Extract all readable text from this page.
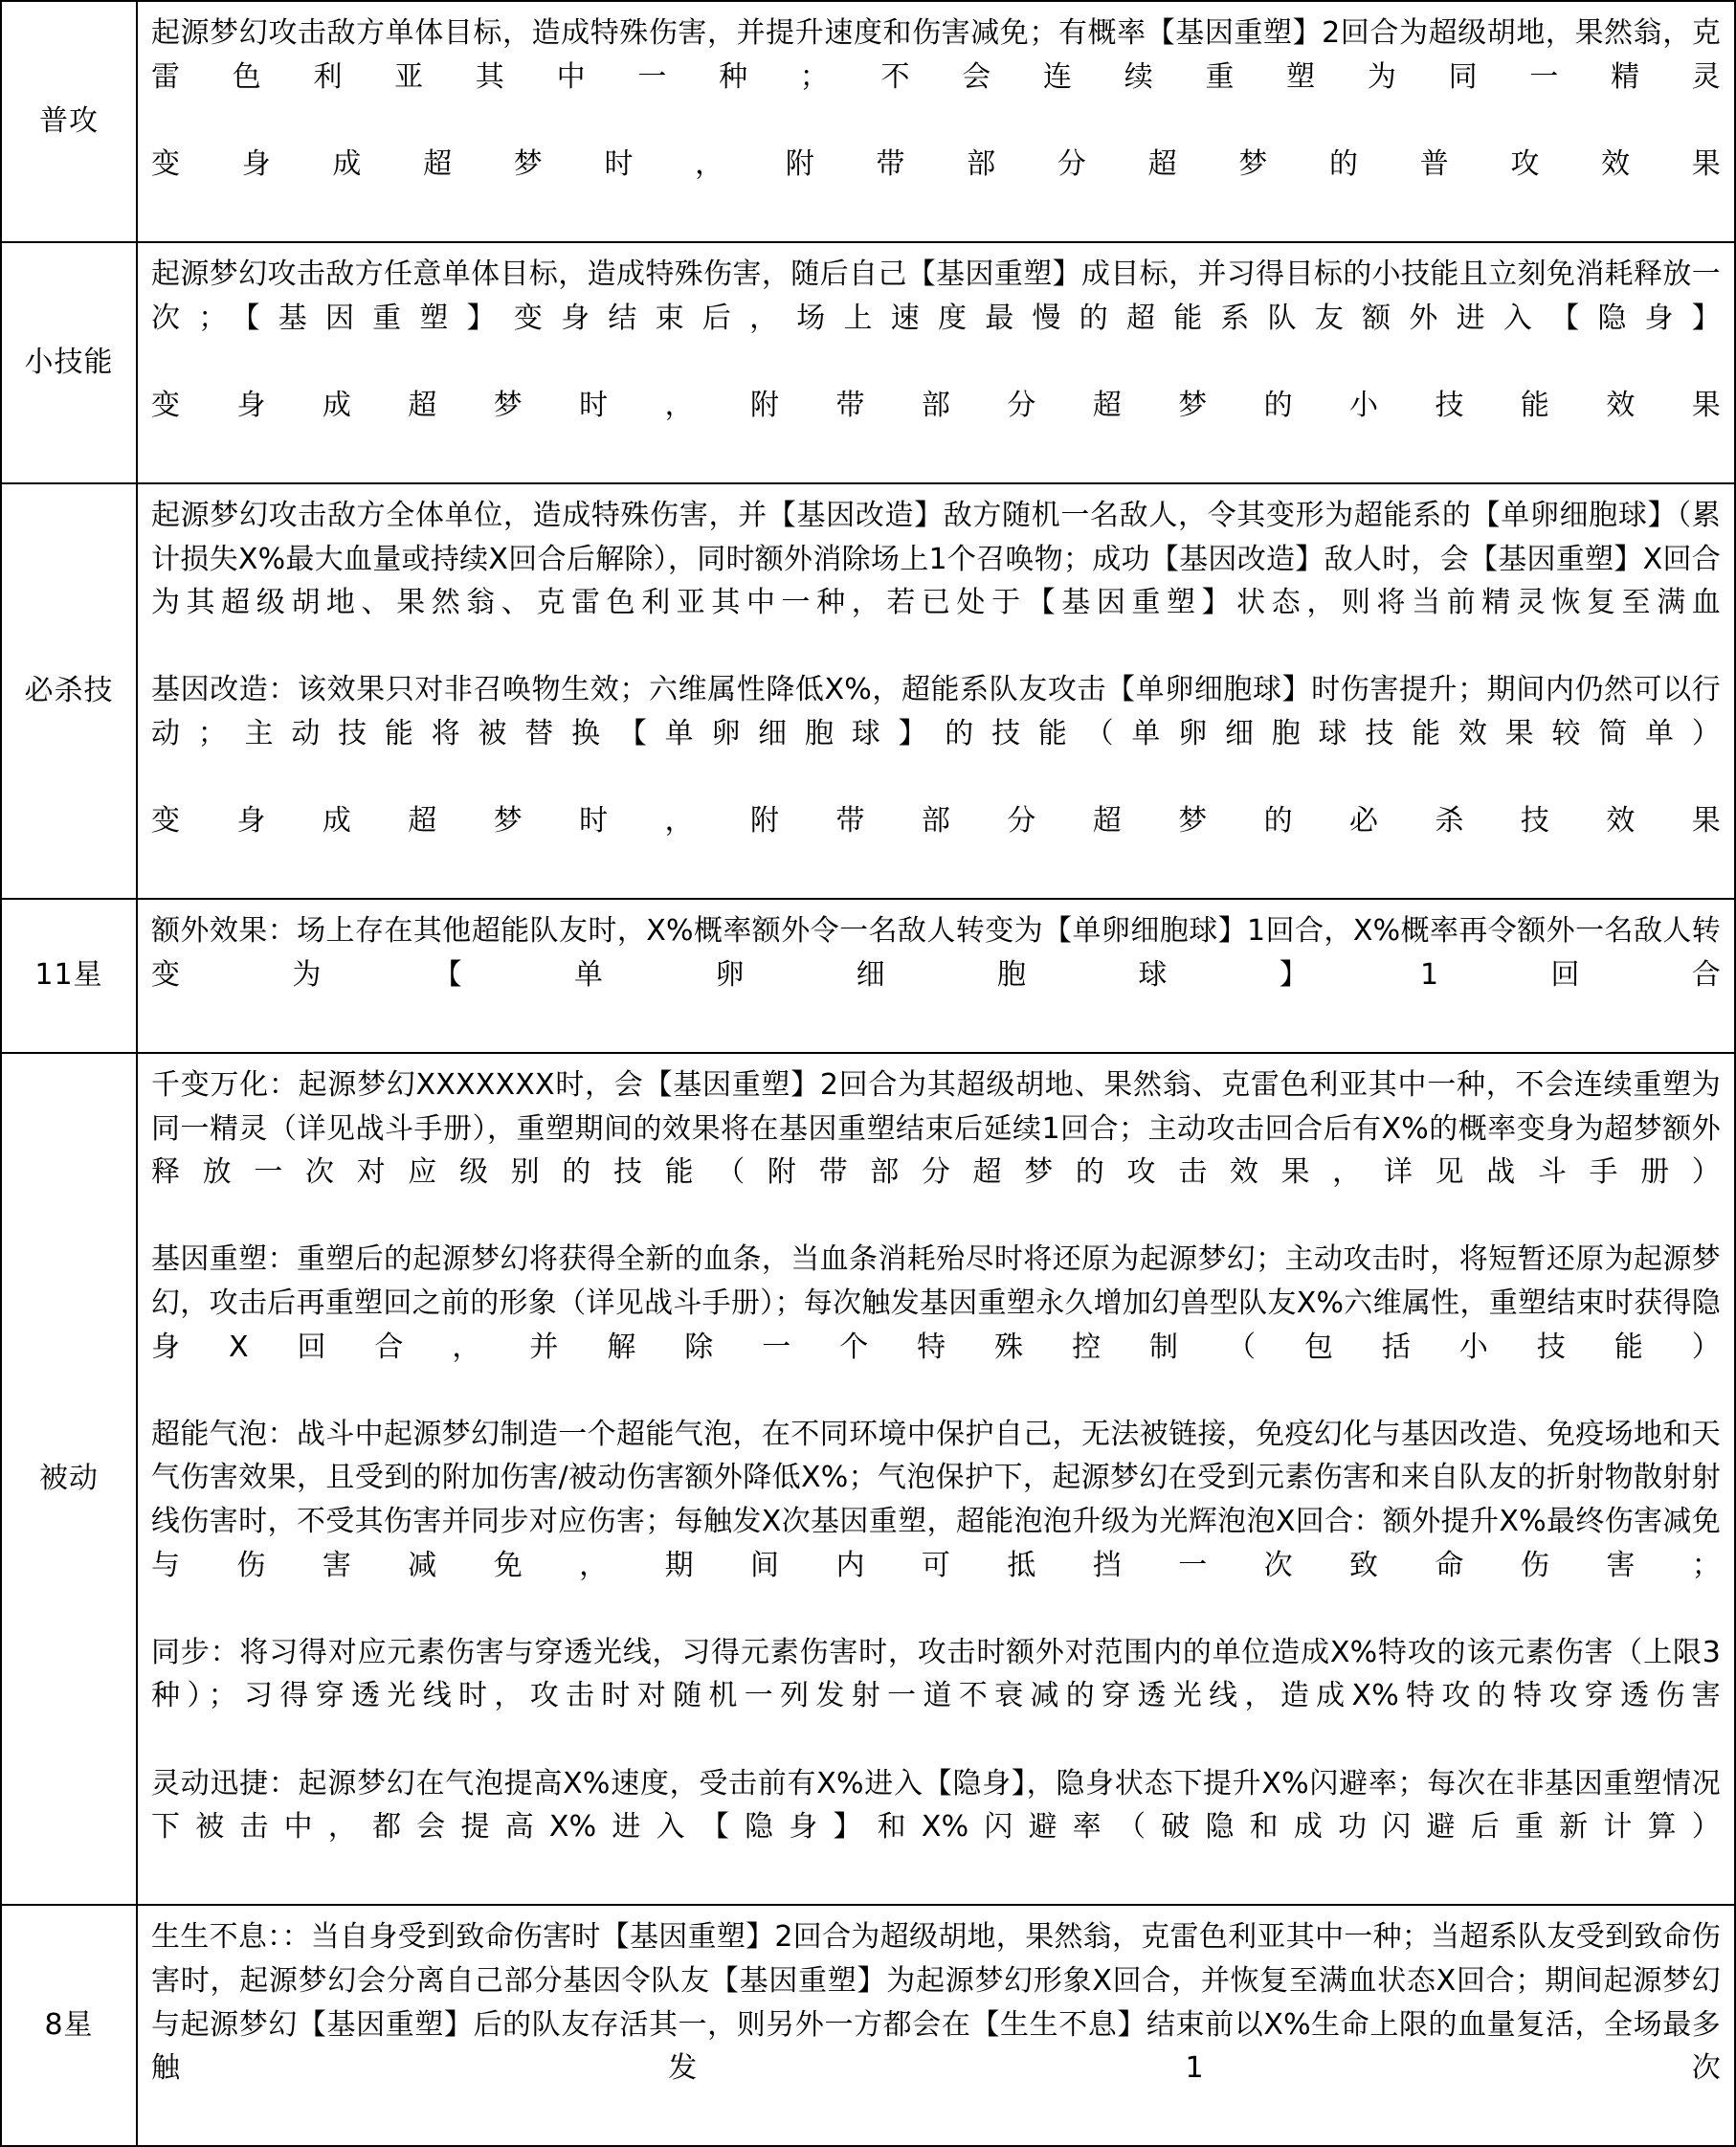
普攻	起源梦幻攻击敌方单体目标，造成特殊伤害，并提升速度和伤害减免；有概率【基因重塑】2回合为超级胡地，果然翁，克雷色利亚其中一种；不会连续重塑为同一精灵

变身成超梦时，附带部分超梦的普攻效果

小技能	起源梦幻攻击敌方任意单体目标，造成特殊伤害，随后自己【基因重塑】成目标，并习得目标的小技能且立刻免消耗释放一次；【基因重塑】变身结束后，场上速度最慢的超能系队友额外进入【隐身】

变身成超梦时，附带部分超梦的小技能效果

必杀技	起源梦幻攻击敌方全体单位，造成特殊伤害，并【基因改造】敌方随机一名敌人，令其变形为超能系的【单卵细胞球】（累计损失X%最大血量或持续X回合后解除），同时额外消除场上1个召唤物；成功【基因改造】敌人时，会【基因重塑】X回合为其超级胡地、果然翁、克雷色利亚其中一种，若已处于【基因重塑】状态，则将当前精灵恢复至满血

基因改造：该效果只对非召唤物生效；六维属性降低X%，超能系队友攻击【单卵细胞球】时伤害提升；期间内仍然可以行动；主动技能将被替换【单卵细胞球】的技能（单卵细胞球技能效果较简单）

变身成超梦时，附带部分超梦的必杀技效果

11星	额外效果：场上存在其他超能队友时，X%概率额外令一名敌人转变为【单卵细胞球】1回合，X%概率再令额外一名敌人转变为【单卵细胞球】1回合

被动	千变万化：起源梦幻XXXXXXX时，会【基因重塑】2回合为其超级胡地、果然翁、克雷色利亚其中一种，不会连续重塑为同一精灵（详见战斗手册），重塑期间的效果将在基因重塑结束后延续1回合；主动攻击回合后有X%的概率变身为超梦额外释放一次对应级别的技能（附带部分超梦的攻击效果，详见战斗手册）

基因重塑：重塑后的起源梦幻将获得全新的血条，当血条消耗殆尽时将还原为起源梦幻；主动攻击时，将短暂还原为起源梦幻，攻击后再重塑回之前的形象（详见战斗手册）；每次触发基因重塑永久增加幻兽型队友X%六维属性，重塑结束时获得隐身X回合，并解除一个特殊控制（包括小技能）

超能气泡：战斗中起源梦幻制造一个超能气泡，在不同环境中保护自己，无法被链接，免疫幻化与基因改造、免疫场地和天气伤害效果，且受到的附加伤害/被动伤害额外降低X%；气泡保护下，起源梦幻在受到元素伤害和来自队友的折射物散射射线伤害时，不受其伤害并同步对应伤害；每触发X次基因重塑，超能泡泡升级为光辉泡泡X回合：额外提升X%最终伤害减免与伤害减免，期间内可抵挡一次致命伤害；

同步：将习得对应元素伤害与穿透光线，习得元素伤害时，攻击时额外对范围内的单位造成X%特攻的该元素伤害（上限3种）；习得穿透光线时，攻击时对随机一列发射一道不衰减的穿透光线，造成X%特攻的特攻穿透伤害

灵动迅捷：起源梦幻在气泡提高X%速度，受击前有X%进入【隐身】，隐身状态下提升X%闪避率；每次在非基因重塑情况下被击中，都会提高X%进入【隐身】和X%闪避率（破隐和成功闪避后重新计算）

8星	生生不息：：当自身受到致命伤害时【基因重塑】2回合为超级胡地，果然翁，克雷色利亚其中一种；当超系队友受到致命伤害时，起源梦幻会分离自己部分基因令队友【基因重塑】为起源梦幻形象X回合，并恢复至满血状态X回合；期间起源梦幻与起源梦幻【基因重塑】后的队友存活其一，则另外一方都会在【生生不息】结束前以X%生命上限的血量复活，全场最多触发1次
